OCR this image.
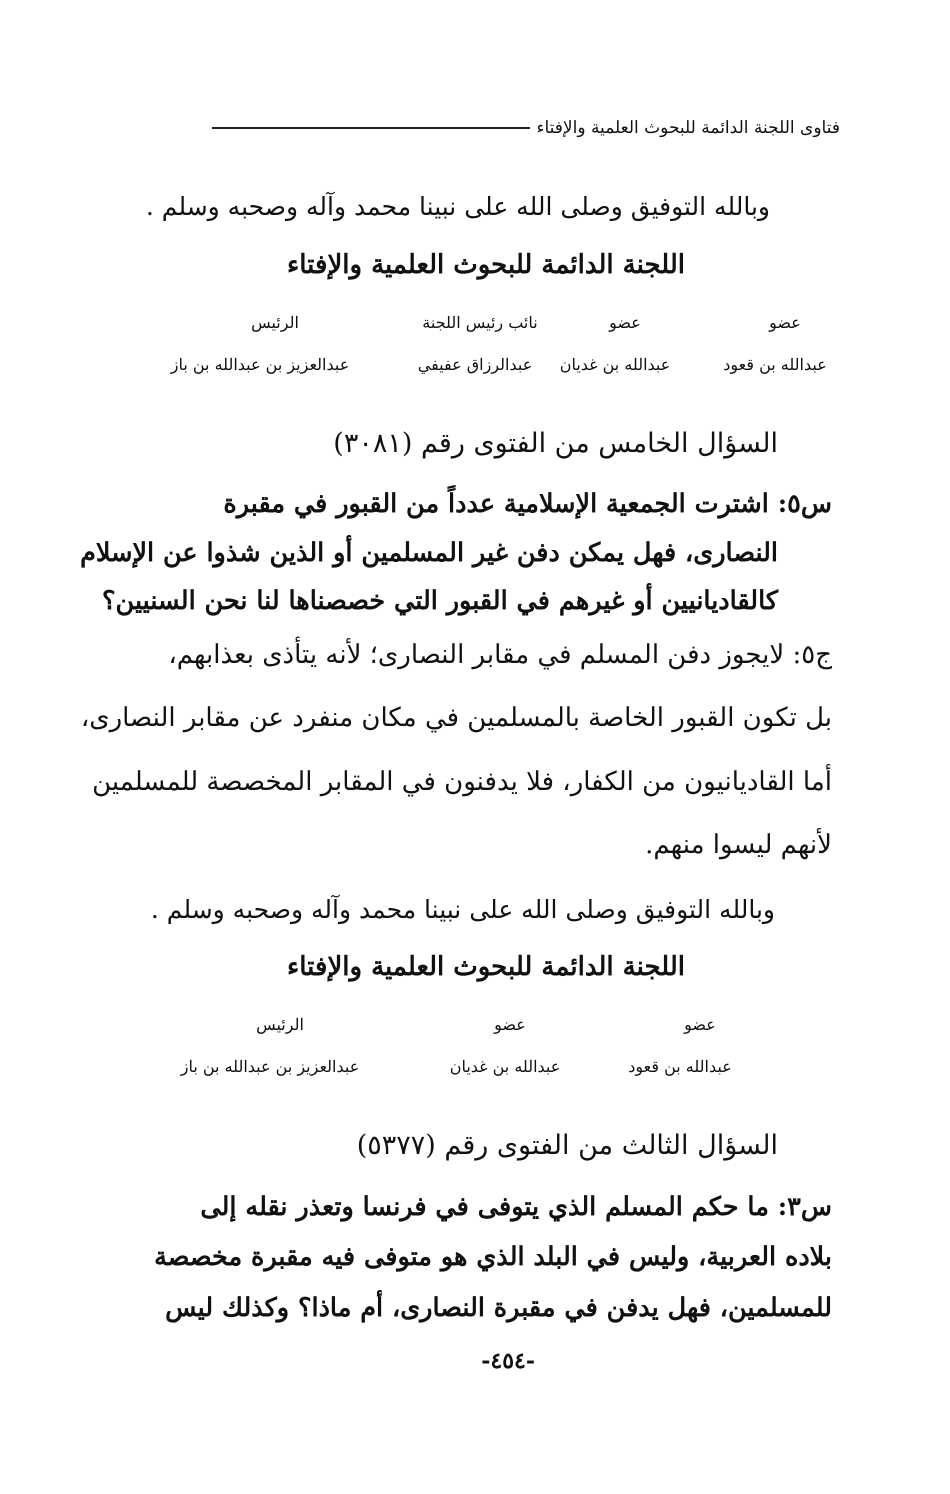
فتاوى اللجنة الدائمة للبحوث العلمية والإفتاء
وبالله التوفيق وصلى الله على نبينا محمد وآله وصحبه وسلم .
اللجنة الدائمة للبحوث العلمية والإفتاء
عضو
عبدالله بن قعود
عضو
عبدالله بن غديان
نائب رئيس اللجنة
عبدالرزاق عفيفي
الرئيس
عبدالعزيز بن عبدالله بن باز
السؤال الخامس من الفتوى رقم (٣٠٨١)
س٥: اشترت الجمعية الإسلامية عدداً من القبور في مقبرة
النصارى، فهل يمكن دفن غير المسلمين أو الذين شذوا عن الإسلام
كالقاديانيين أو غيرهم في القبور التي خصصناها لنا نحن السنيين؟
ج٥: لايجوز دفن المسلم في مقابر النصارى؛ لأنه يتأذى بعذابهم،
بل تكون القبور الخاصة بالمسلمين في مكان منفرد عن مقابر النصارى،
أما القاديانيون من الكفار، فلا يدفنون في المقابر المخصصة للمسلمين
لأنهم ليسوا منهم.
وبالله التوفيق وصلى الله على نبينا محمد وآله وصحبه وسلم .
اللجنة الدائمة للبحوث العلمية والإفتاء
عضو
عبدالله بن قعود
عضو
عبدالله بن غديان
الرئيس
عبدالعزيز بن عبدالله بن باز
السؤال الثالث من الفتوى رقم (٥٣٧٧)
س٣: ما حكم المسلم الذي يتوفى في فرنسا وتعذر نقله إلى
بلاده العربية، وليس في البلد الذي هو متوفى فيه مقبرة مخصصة
للمسلمين، فهل يدفن في مقبرة النصارى، أم ماذا؟ وكذلك ليس
-٤٥٤-
